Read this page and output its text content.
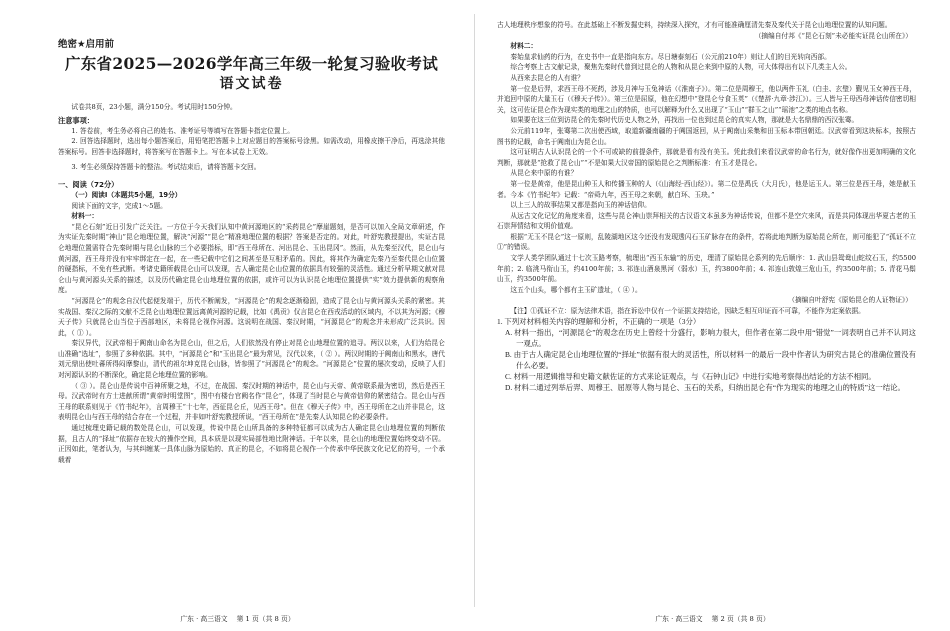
绝密★启用前
广东省2025—2026学年高三年级一轮复习验收考试
语文试卷

试卷共8页，23小题，满分150分。考试用时150分钟。

注意事项：

1. 答卷前，考生务必将自己的姓名、准考证号等填写在答题卡指定位置上。

2. 回答选择题时，选出每小题答案后，用铅笔把答题卡上对应题目的答案标号涂黑。如需改动，用橡皮擦干净后，再选涂其他答案标号。回答非选择题时，将答案写在答题卡上。写在本试卷上无效。

3. 考生必须保持答题卡的整洁。考试结束后，请将答题卡交回。

一、阅读（72分）

（一）阅读Ⅰ（本题共5小题，19分）

阅读下面的文字，完成1～5题。

材料一：

“昆仑石刻”近日引发广泛关注。一方位于今天我们认知中黄河源地区的“采药昆仑”摩崖题刻，是否可以加入全局文章研述，作为实证先秦时期“神山”昆仑地理位置，解决“河源”“昆仑”精准地理位置的根据？答案是否定的。对此，叶舒宪教授提出，实证古昆仑地理位置需符合先秦时期与昆仑山脉的三个必要指标，即“西王母所在、河出昆仑、玉出昆冈”。然而，从先秦至汉代，昆仑山与黄河源，西王母并没有牢牢绑定在一起，在一些记载中它们之间甚至是互相矛盾的。因此，将其作为确定先秦乃至秦代昆仑山位置的硬指标，不免有些武断。考诸史籍所载昆仑山可以发现，古人确定昆仑山位置的依据具有较强的灵活性。通过分析早期文献对昆仑山与黄河源头关系的描述，以及历代确定昆仑山地理位置的依据，或许可以为认识昆仑地理位置提供“实”效力提供新的观察角度。

“河源昆仑”的观念自汉代起便发端于，历代不断阐发，“河源昆仑”的观念逐渐稳固，造成了昆仑山与黄河源头关系的紧密。其实战国、秦汉之际的文献不乏昆仑山地理位置远离黄河源的记载，比如《禹贡》仅言昆仑在西戎活动的区域内，不以其为河源；《穆天子传》只就昆仑山当位于西部地区，未将昆仑视作河源。这说明在战国、秦汉时期，“河源昆仑”的观念并未形成广泛共识。因此，（ ① ）。

秦汉异代，汉武帝相于阗南山命名为昆仑山，但之后，人们依然没有停止对昆仑山地理位置的追寻。两汉以来，人们为给昆仑山准确“选址”，参照了多种依据。其中，“河源昆仑”和“玉出昆仑”最为常见，汉代以来，（ ② ）。两汉时期的于阗南山和黑水，唐代刘元鼎出使吐蕃所得闷摩黎山，清代的祖尔坤克昆仑山脉，皆参照了“河源昆仑”的观念。“河源昆仑”位置的屡次变动，反映了人们对河源认识的不断深化，确定昆仑地理位置的影响。

（ ③ ）。昆仑山是传说中百神所聚之地，不过，在战国、秦汉时期的神话中，昆仑山与天帝、黄帝联系最为密切，然后是西王母。汉武帝时有方士进献所谓“黄帝时明堂图”，图中有楼台官阙名作“昆仑”，体现了当时昆仑与黄帝信仰的紧密结合。昆仑山与西王母的联系则见于《竹书纪年》，言周穆王“十七年，西征昆仑丘，见西王母”。但在《穆天子传》中，西王母所在之山并非昆仑，这表明昆仑山与西王母的结合存在一个过程，并非如叶舒宪教授所说，“西王母所在”是先秦人认知昆仑的必要条件。

通过梳理史籍记载的数处昆仑山，可以发现，传说中昆仑山所具备的多种特征都可以成为古人确定昆仑山地理位置的判断依据，且古人的“择址”依据存在较大的操作空间，具本质是以现实局部性地比附神话。于年以来，昆仑山的地理位置始终变动不居。正因如此，笔者认为，与其纠缠某一具体山脉为原始的、真正的昆仑，不如将昆仑视作一个传承中华民族文化记忆的符号，一个承载着

广东 · 高三语文 　第 1 页（共 8 页）

古人地理秩序想象的符号。在此基础上不断发掘史料，持续深入探究，才有可能准确厘清先秦及秦代关于昆仑山地理位置的认知问题。

（摘编自付邦《“昆仑石刻”未必能实证昆仑山所在》）

材料二：

秦始皇求仙药的行为，在史书中一直是指向东方。尽日塘泰刻石（公元前210年）则让人们的目光转向西部。

综合考察上古文献记录，聚焦先秦时代曾到过昆仑的人物和从昆仑来到中原的人物，可大体得出有以下几类主人公。

从西来去昆仑的人有谁？

第一位是后羿，求西王母不死药，涉及月神与玉兔神话（《淮南子》）。第二位是周穆王，他以两件玉礼（白圭、玄璧）觐见玉女神西王母，并追回中原的大量玉石（《穆天子传》）。第三位是屈原，他在幻想中“登昆仑兮食玉英”（《楚辞·九章·涉江》）。三人皆与王母西母神话传信密切相关，这可佐证昆仑作为现实类的地理之山的特质，也可以解释为什么又出现了“玉山”“群玉之山”“瑶池”之类的地点名称。

如果要在这三位到访昆仑的先秦时代历史人物之外，再找出一位也到过昆仑的真实人物，那就是大名鼎鼎的西汉张骞。

公元前119年，张骞第二次出使西域，取道新疆南疆的于阗国返回，从于阗南山采集和田玉标本带回朝廷。汉武帝看到这块标本，按照古图书的记载，命名于阗南山为昆仑山。

这可证明古人认识昆仑的一个不可或缺的前提条件，那就是看有没有美玉。凭此我们来看汉武帝的命名行为，就好像作出更加明确的文化判断，那就是“抢救了昆仑山”“不是如果大汉帝国的原始昆仑之判断标准：有玉才是昆仑。

从昆仑来中原的有谁？

第一位是黄帝，他是昆山种玉人和传播玉种的人（《山海经·西山经》）。第二位是禹氏（大月氏），他是运玉人。第三位是西王母，她是献玉者。今本《竹书纪年》记载：“帝舜九年，西王母之来朝，献白环、玉玦。”

以上三人的故事结果又都是指向玉的神话信仰。

从远古文化记忆的角度来看，这些与昆仑神山崇拜相关的古汉语文本虽多为神话传说，但都不是空穴来风，而是共同体现出华夏古老的玉石崇拜情结和文明价值观。

根据“无玉不昆仑”这一原则，乱陵湖地区这今还没有发现透闪石玉矿脉存在的条件，若将此地判断为原始昆仑所在，则可能犯了“孤证不立①”的错误。

文学人类学团队通过十七次玉路考察，梳理出“西玉东输”的历史，理清了原始昆仑系列的先后顺序：1. 武山县鸳鸯山蛇纹石玉，约5500年前；2. 临洮马衔山玉，约4100年前；3. 祁连山酒泉黑河（弱水）玉，约3800年前；4. 祁连山敦煌三危山玉，约3500年前；5. 青花马鬃山玉，约3500年前。

这五个山头，哪个都有主玉矿遗址，（ ④ ）。

（摘编自叶舒宪《原始昆仑的人证物证》）

【注】①孤证不立：原为法律术语，指在诉讼中仅有一个证据支持结论，因缺乏相互印证而不可靠，不能作为定案依据。

1. 下列对材料相关内容的理解和分析，不正确的一项是（3分）

A. 材料一指出，“河源昆仑”的观念在历史上曾经十分盛行，影响力很大，但作者在第二段中用“错觉”一词表明自己并不认同这一观点。

B. 由于古人确定昆仑山地理位置的“择址”依据有很大的灵活性，所以材料一的最后一段中作者认为研究古昆仑的准确位置没有什么必要。

C. 材料一用逻辑推导和史籍文献佐证的方式来论证观点，与《石钟山记》中进行实地考察得出结论的方法不相同。

D. 材料二通过列举后羿、周穆王、屈原等人物与昆仑、玉石的关系，归纳出昆仑有“作为现实的地理之山的特质”这一结论。

广东 · 高三语文 　第 2 页（共 8 页）
